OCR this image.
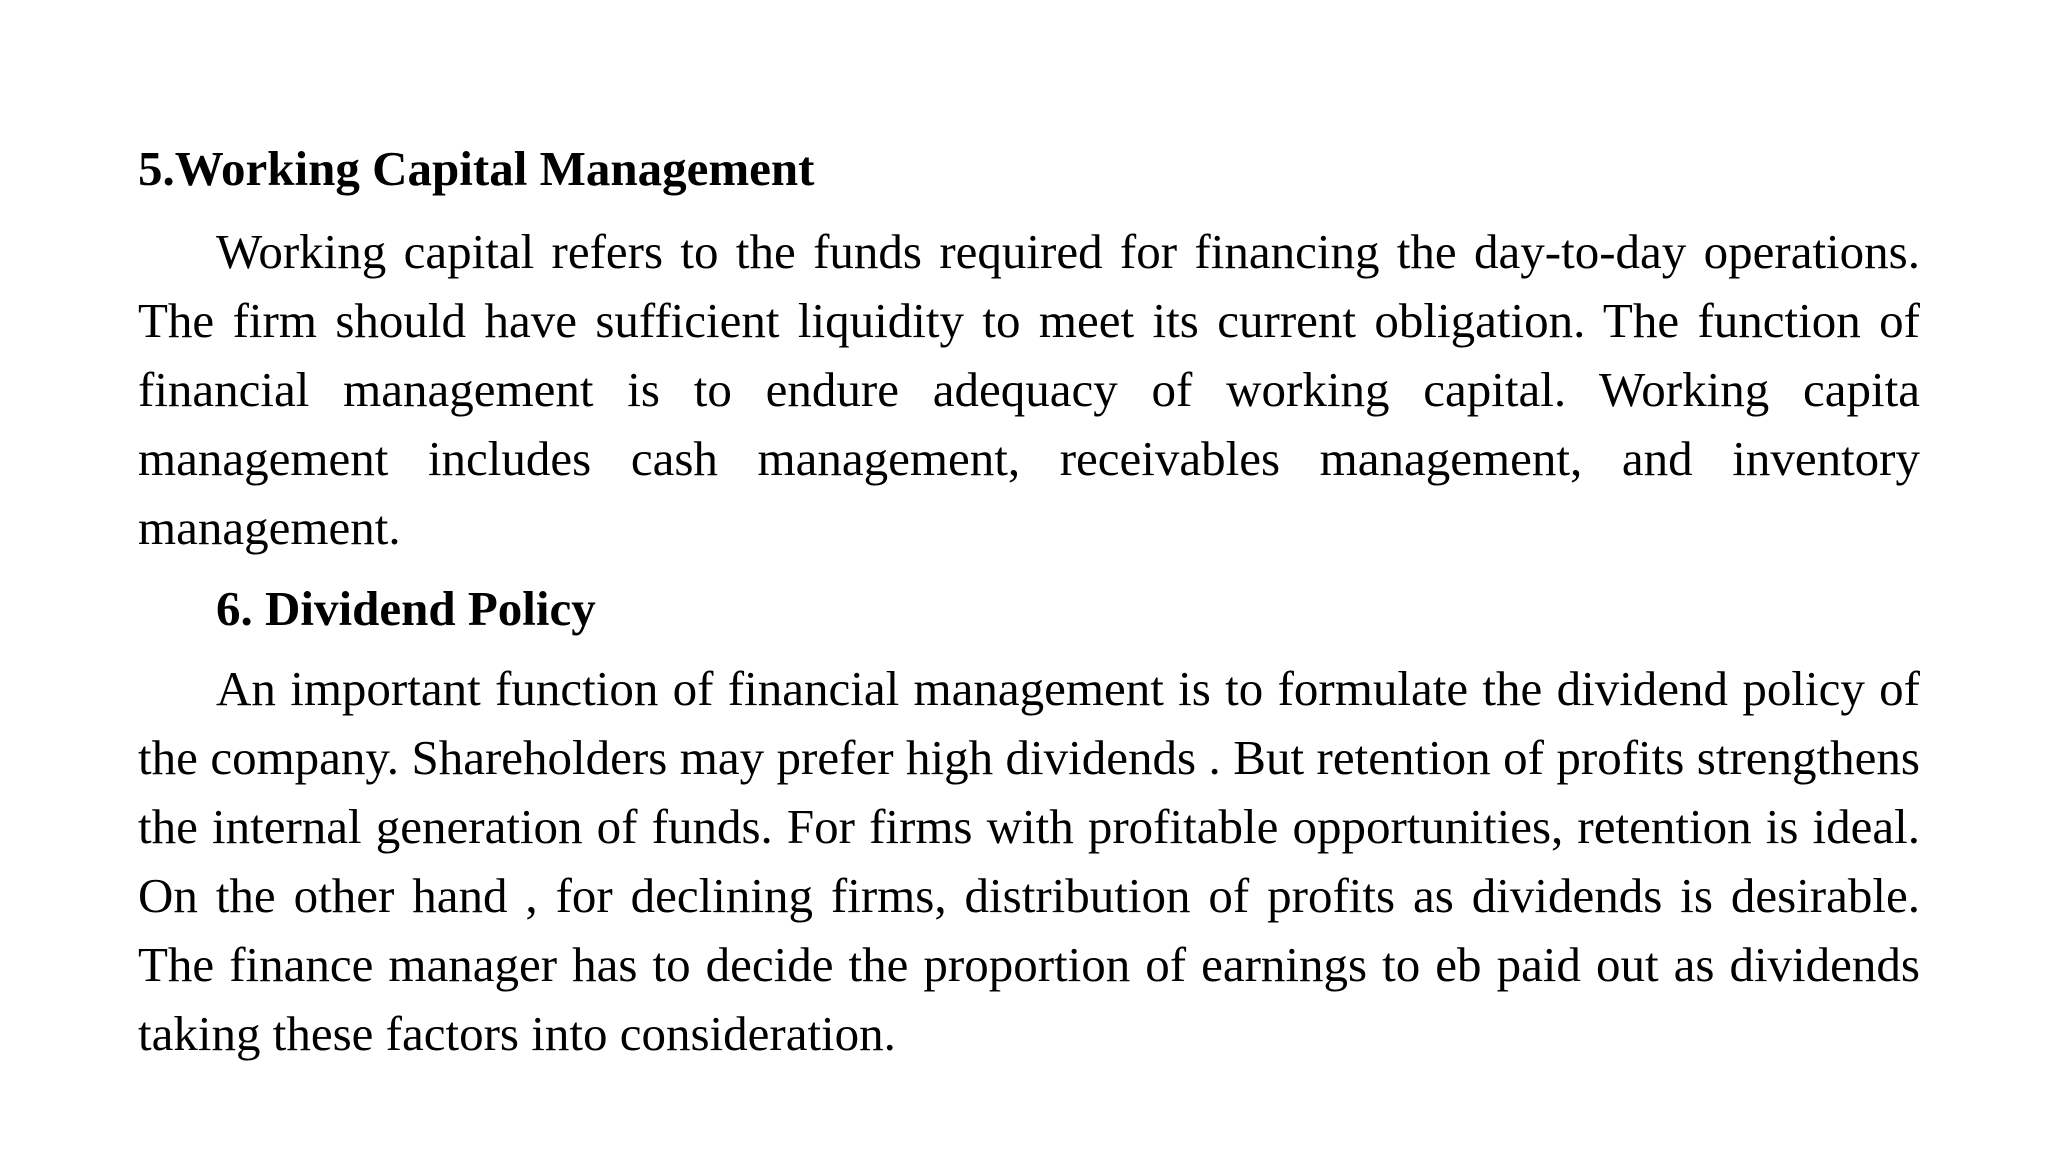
5.Working Capital Management

Working capital refers to the funds required for financing the day-to-day operations. The firm should have sufficient liquidity to meet its current obligation. The function of financial management is to endure adequacy of working capital. Working capita management includes cash management, receivables management, and inventory management.

6. Dividend Policy

An important function of financial management is to formulate the dividend policy of the company. Shareholders may prefer high dividends . But retention of profits strengthens the internal generation of funds. For firms with profitable opportunities, retention is ideal. On the other hand , for declining firms, distribution of profits as dividends is desirable. The finance manager has to decide the proportion of earnings to eb paid out as dividends taking these factors into consideration.
